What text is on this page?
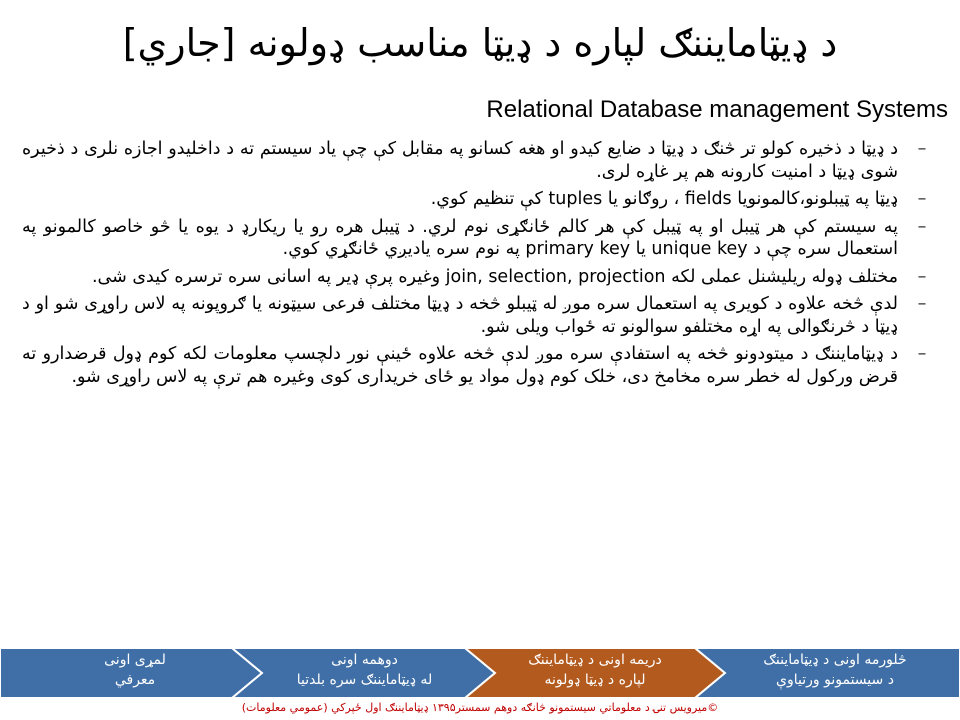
د ډیټامایننګ لپاره د ډیټا مناسب ډولونه [جاري]
Relational Database management Systems
–
د ډیټا د ذخیره کولو تر څنګ د ډیټا د ضایع کیدو او هغه کسانو په مقابل کې چې یاد سیستم ته د داخلیدو اجازه نلری د ذخیره شوی ډیټا د امنیت کارونه هم پر غاړه لری.
–
ډیټا په ټیبلونو،کالمونویا fields ، روګانو یا tuples کې تنظیم کوي.
–
په سیستم کې هر ټیبل او په ټیبل کې هر کالم ځانګړی نوم لري. د ټیبل هره رو یا ریکارډ د یوه یا څو خاصو کالمونو په استعمال سره چې د unique key یا primary key په نوم سره یادیږي ځانګړي کوي.
–
مختلف ډوله ریلیشنل عملی لکه join, selection, projection وغیره پرې ډیر په اسانی سره ترسره کیدی شی.
–
لدې څخه علاوه د کویری په استعمال سره موږ له ټیبلو څخه د ډیټا مختلف فرعی سیټونه یا ګروپونه په لاس راوړی شو او د ډیټا د څرنګوالی په اړه مختلفو سوالونو ته ځواب ویلی شو.
–
د ډیټامایننګ د میتودونو څخه په استفادې سره موږ لدې څخه علاوه ځینې نور دلچسپ معلومات لکه کوم ډول قرضدارو ته قرض ورکول له خطر سره مخامخ دی، خلک کوم ډول مواد یو ځای خریداری کوی وغیره هم ترې په لاس راوړی شو.
لمړی اونی
معرفي
دوهمه اونی
له ډیټامایننګ سره بلدتیا
دریمه اونی د ډیټامایننګ
لپاره د ډیټا ډولونه
څلورمه اونی د ډیټامایننګ
د سیستمونو ورتیاوې
©میرویس تنۍ د معلوماتي سیستمونو څانګه دوهم سمستر۱۳۹۵ ډیټامایننګ اول ځپرکي (عمومي معلومات)
